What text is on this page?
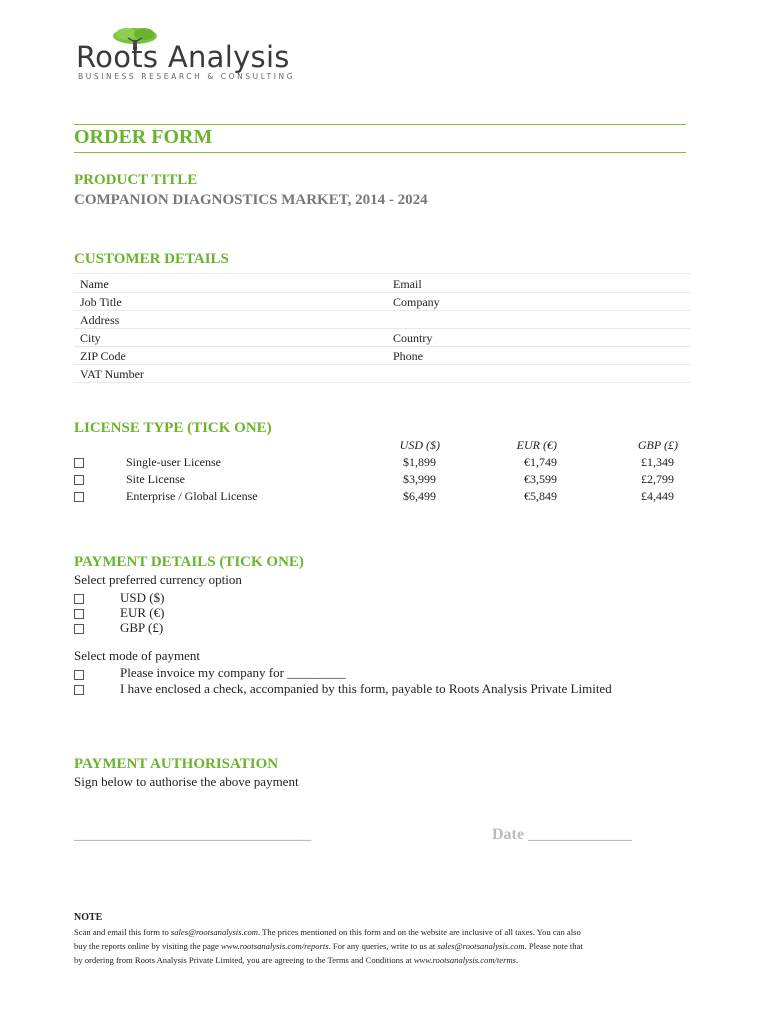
Roots Analysis
BUSINESS RESEARCH & CONSULTING
ORDER FORM
PRODUCT TITLE
COMPANION DIAGNOSTICS MARKET, 2014 - 2024
CUSTOMER DETAILS
Name	Email
Job Title	Company
Address
City	Country
ZIP Code	Phone
VAT Number
LICENSE TYPE (TICK ONE)
USD ($)	EUR (€)	GBP (£)
Single-user License	$1,899	€1,749	£1,349
Site License	$3,999	€3,599	£2,799
Enterprise / Global License	$6,499	€5,849	£4,449
PAYMENT DETAILS (TICK ONE)
Select preferred currency option
USD ($)
EUR (€)
GBP (£)
Select mode of payment
Please invoice my company for _________
I have enclosed a check, accompanied by this form, payable to Roots Analysis Private Limited
PAYMENT AUTHORISATION
Sign below to authorise the above payment
________________________________	Date _____________
NOTE
Scan and email this form to sales@rootsanalysis.com. The prices mentioned on this form and on the website are inclusive of all taxes. You can also
buy the reports online by visiting the page www.rootsanalysis.com/reports. For any queries, write to us at sales@rootsanalysis.com. Please note that
by ordering from Roots Analysis Private Limited, you are agreeing to the Terms and Conditions at www.rootsanalysis.com/terms.
